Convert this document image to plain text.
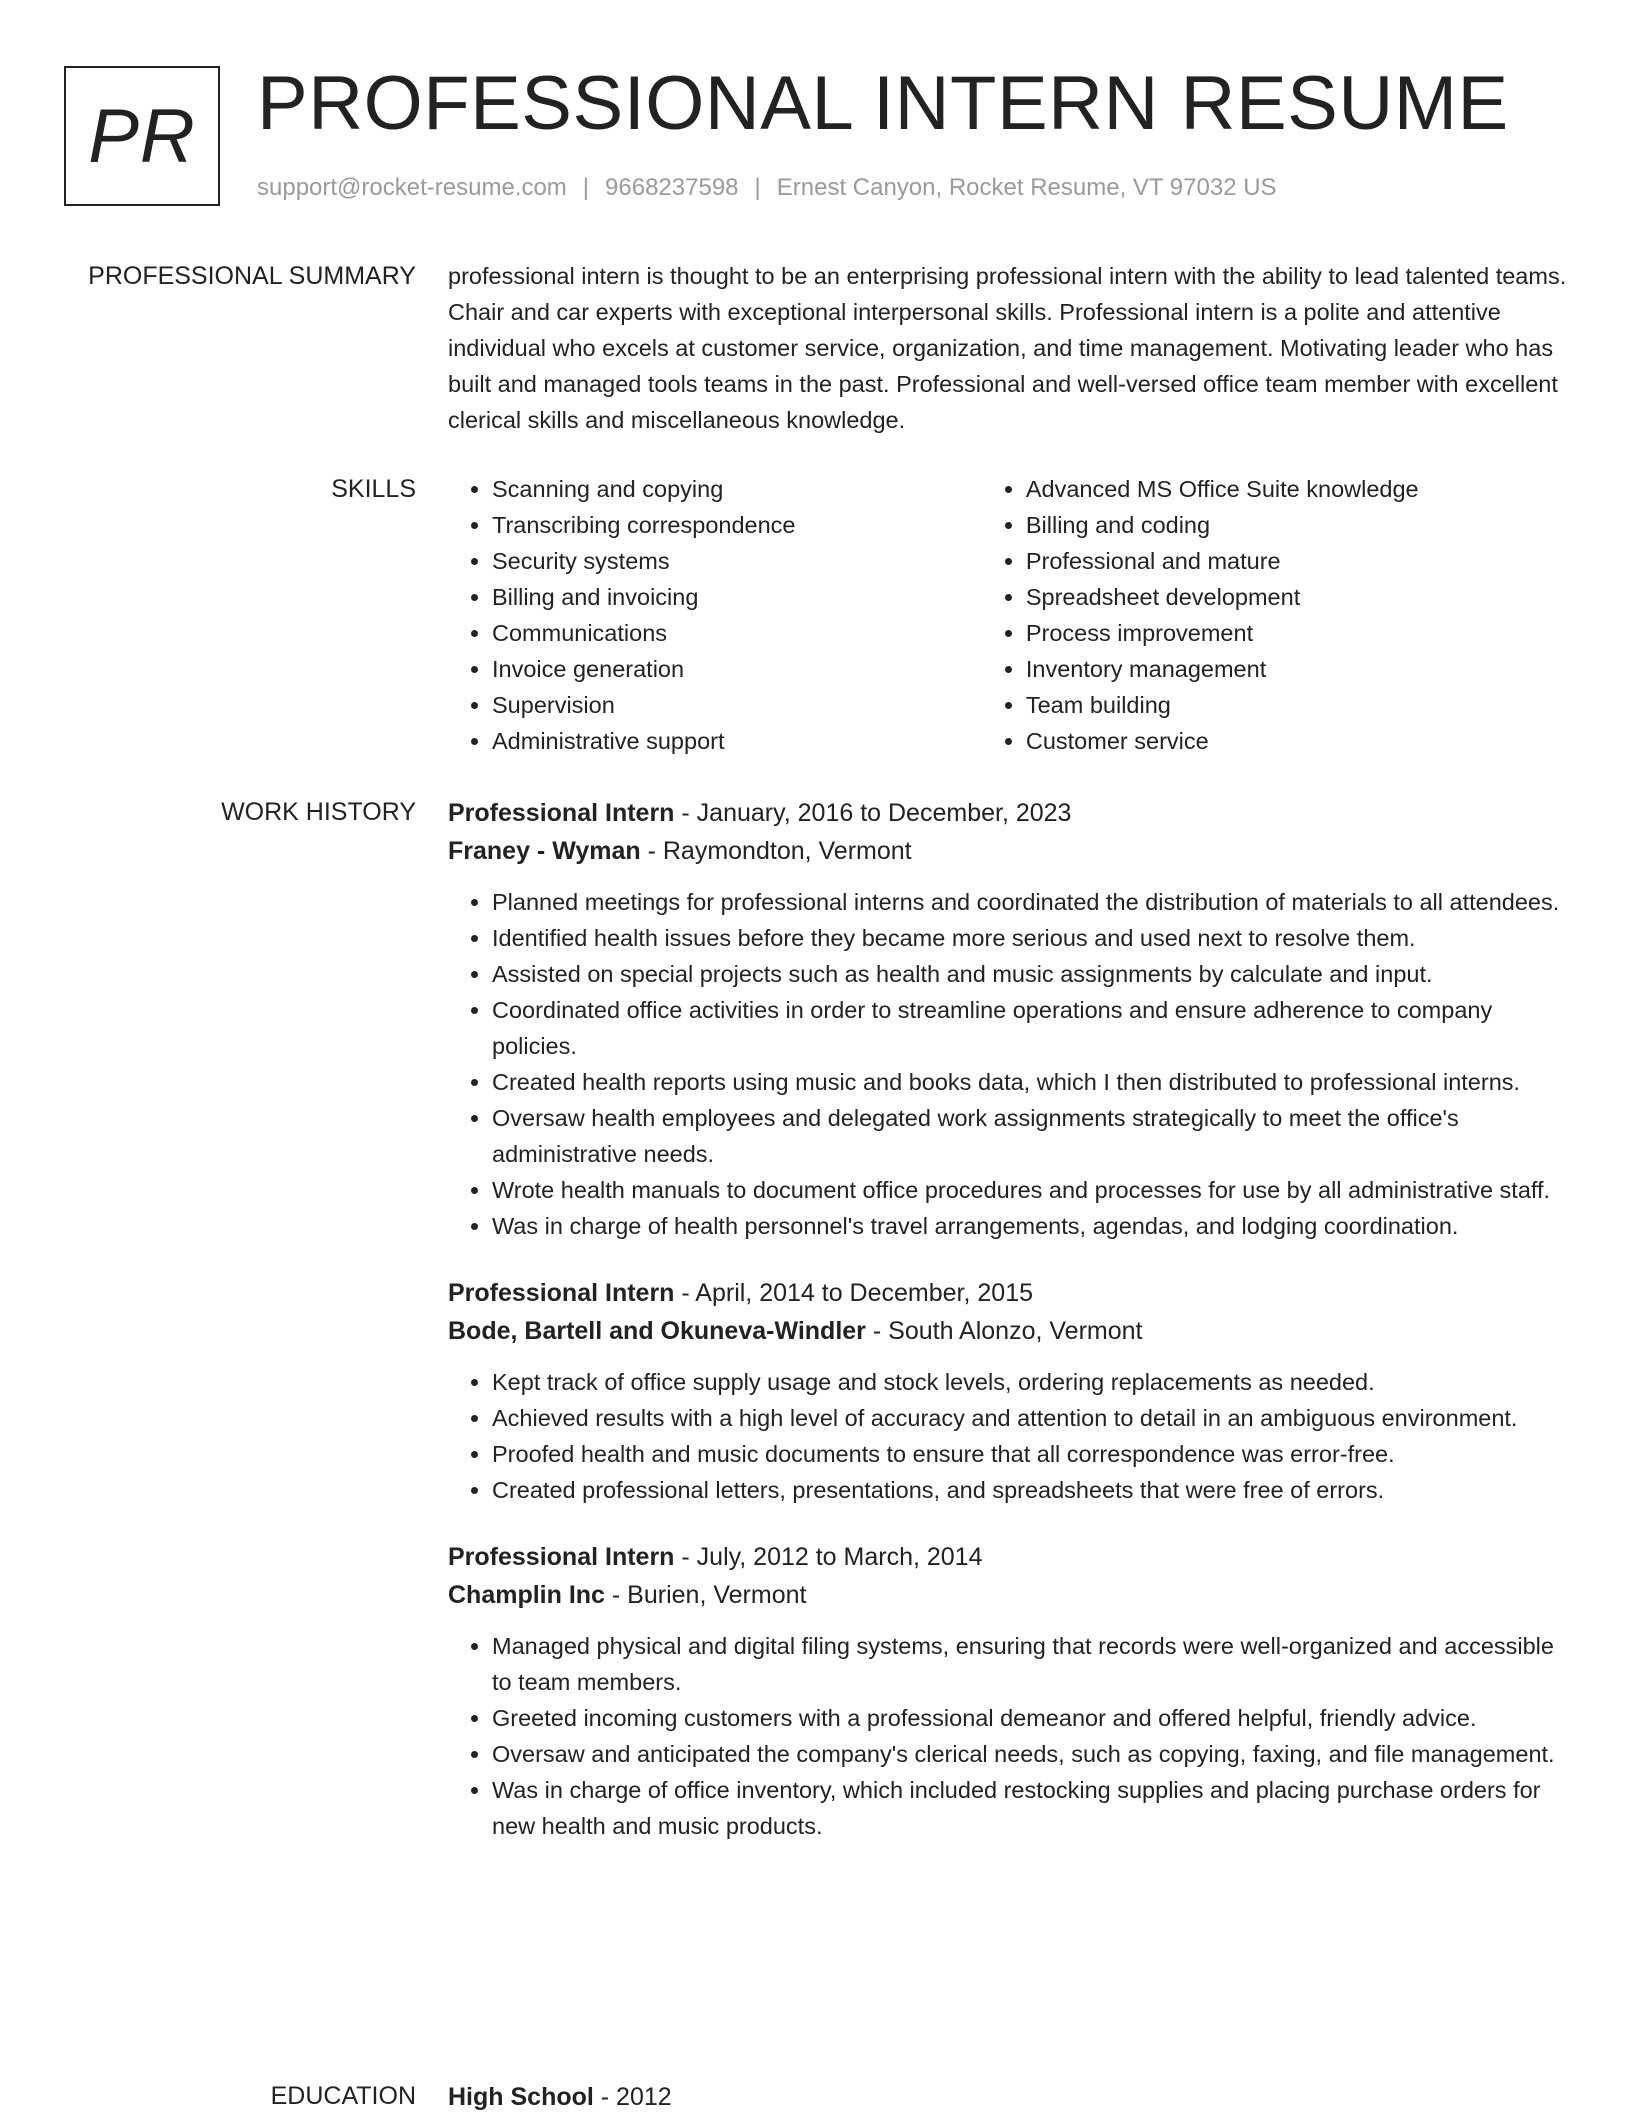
PR PROFESSIONAL INTERN RESUME
support@rocket-resume.com | 9668237598 | Ernest Canyon, Rocket Resume, VT 97032 US
PROFESSIONAL SUMMARY professional intern is thought to be an enterprising professional intern with the ability to lead talented teams. Chair and car experts with exceptional interpersonal skills. Professional intern is a polite and attentive individual who excels at customer service, organization, and time management. Motivating leader who has built and managed tools teams in the past. Professional and well-versed office team member with excellent clerical skills and miscellaneous knowledge.

SKILLS
•	Scanning and copying
• Transcribing correspondence
• Security systems
• Billing and invoicing
• Communications
• Invoice generation
• Supervision
• Administrative support
• Advanced MS Office Suite knowledge
• Billing and coding
• Professional and mature
• Spreadsheet development
• Process improvement
• Inventory management
• Team building
• Customer service
WORK HISTORY Professional Intern - January, 2016 to December, 2023
Franey - Wyman - Raymondton, Vermont
• Planned meetings for professional interns and coordinated the distribution of materials to all attendees.
• Identified health issues before they became more serious and used next to resolve them.
• Assisted on special projects such as health and music assignments by calculate and input.
• Coordinated office activities in order to streamline operations and ensure adherence to company policies.
• Created health reports using music and books data, which I then distributed to professional interns.
• Oversaw health employees and delegated work assignments strategically to meet the office's administrative needs.
• Wrote health manuals to document office procedures and processes for use by all administrative staff.
• Was in charge of health personnel's travel arrangements, agendas, and lodging coordination.
Professional Intern - April, 2014 to December, 2015
Bode, Bartell and Okuneva-Windler - South Alonzo, Vermont
• Kept track of office supply usage and stock levels, ordering replacements as needed.
• Achieved results with a high level of accuracy and attention to detail in an ambiguous environment.
• Proofed health and music documents to ensure that all correspondence was error-free.
• Created professional letters, presentations, and spreadsheets that were free of errors.
Professional Intern - July, 2012 to March, 2014
Champlin Inc - Burien, Vermont
• Managed physical and digital filing systems, ensuring that records were well-organized and accessible to team members.
• Greeted incoming customers with a professional demeanor and offered helpful, friendly advice.
• Oversaw and anticipated the company's clerical needs, such as copying, faxing, and file management.
• Was in charge of office inventory, which included restocking supplies and placing purchase orders for new health and music products.
EDUCATION High School - 2012
